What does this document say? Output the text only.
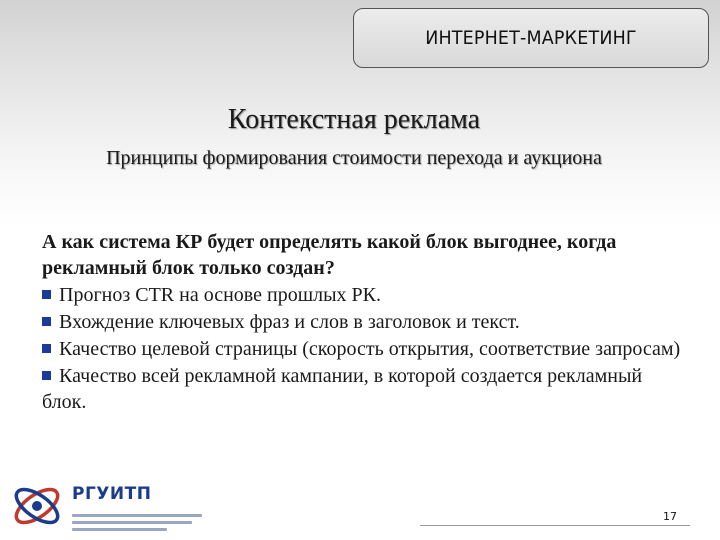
ИНТЕРНЕТ-МАРКЕТИНГ
Контекстная реклама
Принципы формирования стоимости перехода и аукциона
А как система КР будет определять какой блок выгоднее, когда рекламный блок только создан?
Прогноз CTR на основе прошлых РК.
Вхождение ключевых фраз и слов в заголовок и текст.
Качество целевой страницы (скорость открытия, соответствие запросам)
Качество всей рекламной кампании, в которой создается рекламный блок.
РГУИТП
17
